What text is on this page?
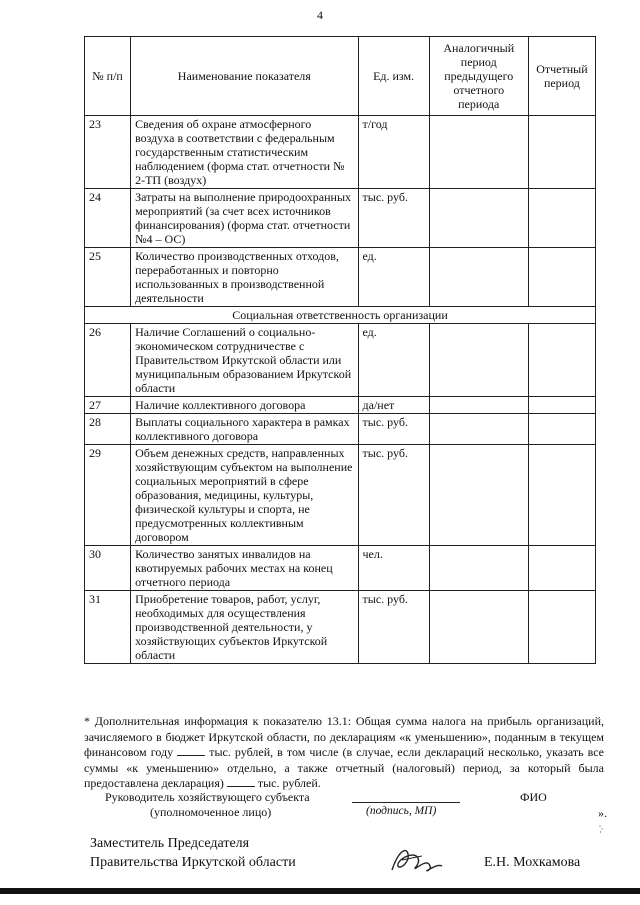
4
№ п/п	Наименование показателя	Ед. изм.	Аналогичный период предыдущего отчетного периода	Отчетный период
23	Сведения об охране атмосферного воздуха в соответствии с федеральным государственным статистическим наблюдением (форма стат. отчетности № 2-ТП (воздух)	т/год		
24	Затраты на выполнение природоохранных мероприятий (за счет всех источников финансирования) (форма стат. отчетности №4 – ОС)	тыс. руб.		
25	Количество производственных отходов, переработанных и повторно использованных в производственной деятельности	ед.		
Социальная ответственность организации				
26	Наличие Соглашений о социально-экономическом сотрудничестве с Правительством Иркутской области или муниципальным образованием Иркутской области	ед.		
27	Наличие коллективного договора	да/нет		
28	Выплаты социального характера в рамках коллективного договора	тыс. руб.		
29	Объем денежных средств, направленных хозяйствующим субъектом на выполнение социальных мероприятий в сфере образования, медицины, культуры, физической культуры и спорта, не предусмотренных коллективным договором	тыс. руб.		
30	Количество занятых инвалидов на квотируемых рабочих местах на конец отчетного периода	чел.		
31	Приобретение товаров, работ, услуг, необходимых для осуществления производственной деятельности, у хозяйствующих субъектов Иркутской области	тыс. руб.		

* Дополнительная информация к показателю 13.1: Общая сумма налога на прибыль организаций, зачисляемого в бюджет Иркутской области, по декларациям «к уменьшению», поданным в текущем финансовом году	тыс. рублей, в том числе (в случае, если деклараций несколько, указать все суммы «к уменьшению» отдельно, а также отчетный (налоговый) период, за который была предоставлена декларация)	тыс. рублей.

Руководитель хозяйствующего субъекта
(уполномоченное лицо)	(подпись, МП)
ФИО
».
Заместитель Председателя
Правительства Иркутской области	Е.Н. Мохкамова
